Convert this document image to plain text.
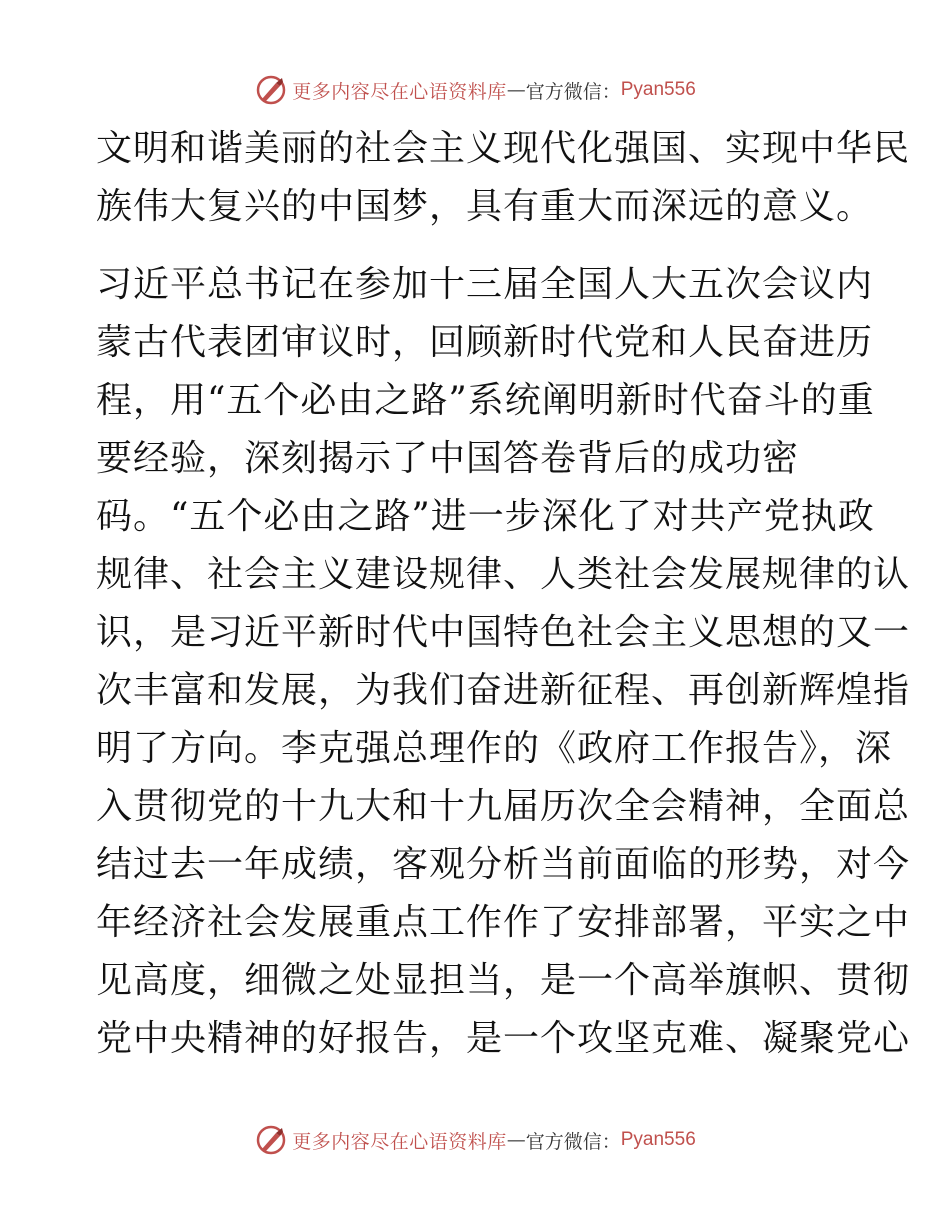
更多内容尽在心语资料库 — 官方微信： Pyan556
文明和谐美丽的社会主义现代化强国、实现中华民
族伟大复兴的中国梦，具有重大而深远的意义。
习近平总书记在参加十三届全国人大五次会议内
蒙古代表团审议时，回顾新时代党和人民奋进历
程，用“五个必由之路”系统阐明新时代奋斗的重
要经验，深刻揭示了中国答卷背后的成功密
码。“五个必由之路”进一步深化了对共产党执政
规律、社会主义建设规律、人类社会发展规律的认
识，是习近平新时代中国特色社会主义思想的又一
次丰富和发展，为我们奋进新征程、再创新辉煌指
明了方向。李克强总理作的《政府工作报告》，深
入贯彻党的十九大和十九届历次全会精神，全面总
结过去一年成绩，客观分析当前面临的形势，对今
年经济社会发展重点工作作了安排部署，平实之中
见高度，细微之处显担当，是一个高举旗帜、贯彻
党中央精神的好报告，是一个攻坚克难、凝聚党心
更多内容尽在心语资料库 — 官方微信： Pyan556
